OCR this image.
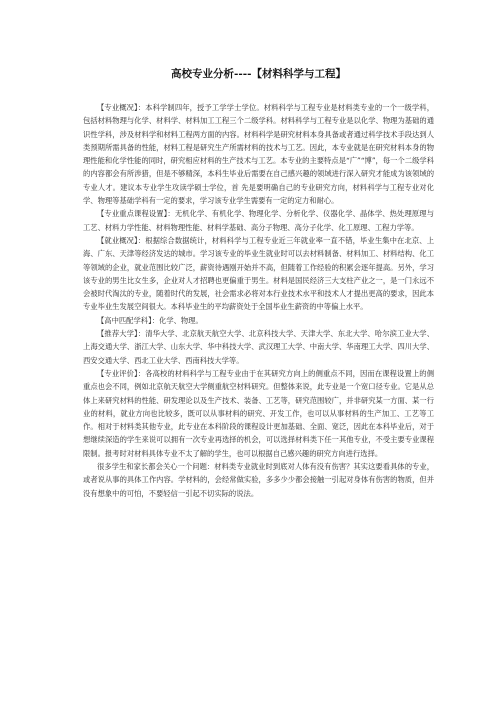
高校专业分析----【材料科学与工程】

【专业概况】：本科学制四年，授予工学学士学位。材料科学与工程专业是材料类专业的一个一级学科，包括材料物理与化学、材料学、材料加工工程三个二级学科。材料科学与工程专业是以化学、物理为基础的通识性学科，涉及材料学和材料工程两方面的内容。材料科学是研究材料本身具备或者通过科学技术手段达到人类预期所需具备的性能，材料工程是研究生产所需材料的技术与工艺。因此，本专业就是在研究材料本身的物理性能和化学性能的同时，研究相应材料的生产技术与工艺。本专业的主要特点是“广”“博”，每一个二级学科的内容都会有所涉猎，但是不够精深，本科生毕业后需要在自己感兴趣的领域进行深入研究才能成为该领域的专业人才。建议本专业学生攻读学硕士学位，首 先是要明确自己的专业研究方向，材料科学与工程专业对化学、物理等基础学科有一定的要求，学习该专业学生需要有一定的定力和耐心。

【专业重点课程设置】：无机化学、有机化学、物理化学、分析化学、仪器化学、晶体学、热处理原理与工艺、材料力学性能、材料物理性能、材料学基础、高分子物理、高分子化学、化工原理、工程力学等。

【就业概况】：根据综合数据统计，材料科学与工程专业近三年就业率一直不错，毕业生集中在北京、上海、广东、天津等经济发达的城市。学习该专业的毕业生就业时可以去材料制备、材料加工、材料结构、化工等领域的企业，就业范围比较广泛，薪资待遇刚开始并不高，但随着工作经验的积累会逐年提高。另外，学习该专业的男生比女生多，企业对人才招聘也更偏重于男生。材料是国民经济三大支柱产业之一，是一门永远不会被时代淘汰的专业，随着时代的发展，社会需求必将对本行业技术水平和技术人才提出更高的要求，因此本专业毕业生发展空间很大。本科毕业生的平均薪资处于全国毕业生薪资的中等偏上水平。

【高中匹配学科】：化学、物理。

【推荐大学】：清华大学、北京航天航空大学、北京科技大学、天津大学、东北大学、哈尔滨工业大学、上海交通大学、浙江大学、山东大学、华中科技大学、武汉理工大学、中南大学、华南理工大学、四川大学、西安交通大学、西北工业大学、西南科技大学等。

【专业评价】：各高校的材料科学与工程专业由于在其研究方向上的侧重点不同，因而在课程设置上的侧重点也会不同，例如北京航天航空大学侧重航空材料研究。但整体来说，此专业是一个宽口径专业。它是从总体上来研究材料的性能、研发理论以及生产技术、装备、工艺等，研究范围较广，并非研究某一方面、某一行业的材料，就业方向也比较多，既可以从事材料的研究、开发工作，也可以从事材料的生产加工、工艺等工作。相对于材料类其他专业，此专业在本科阶段的课程设计更加基础、全面、宽泛，因此在本科毕业后，对于想继续深造的学生来说可以拥有一次专业再选择的机会，可以选择材料类下任一其他专业，不受主要专业课程限制。报考时对材料具体专业不太了解的学生，也可以根据自己感兴趣的研究方向进行选择。

很多学生和家长都会关心一个问题：材料类专业就业时到底对人体有没有伤害？其实这要看具体的专业，或者说从事的具体工作内容。学材料的，会经常做实验，多多少少都会接触一引起对身体有伤害的物质，但并没有想象中的可怕，不要轻信一引起不切实际的说法。
